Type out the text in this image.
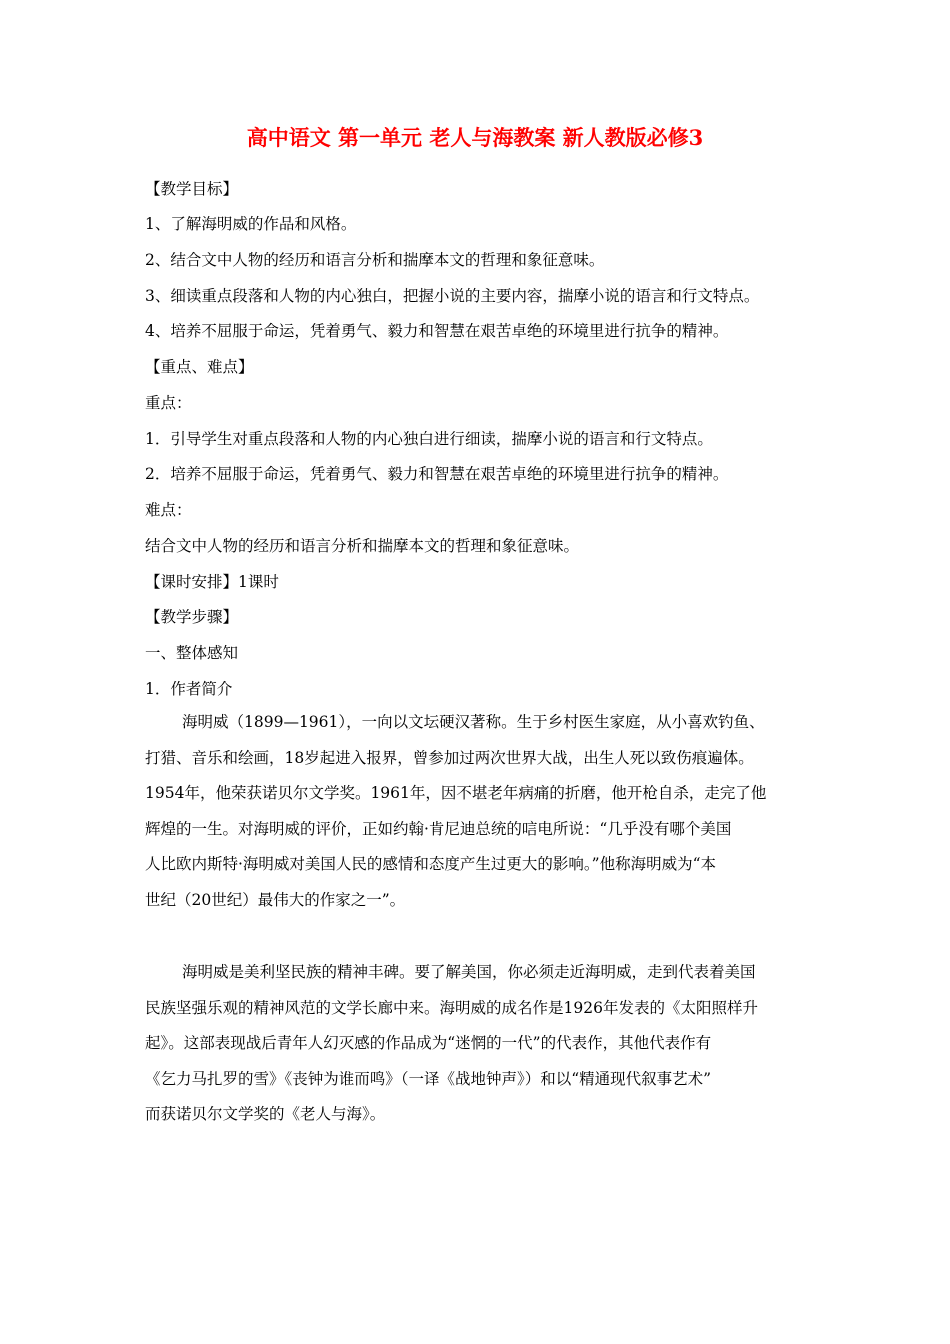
高中语文 第一单元 老人与海教案 新人教版必修3
【教学目标】
1、了解海明威的作品和风格。
2、结合文中人物的经历和语言分析和揣摩本文的哲理和象征意味。
3、细读重点段落和人物的内心独白，把握小说的主要内容，揣摩小说的语言和行文特点。
4、培养不屈服于命运，凭着勇气、毅力和智慧在艰苦卓绝的环境里进行抗争的精神。
【重点、难点】
重点：
1．引导学生对重点段落和人物的内心独白进行细读，揣摩小说的语言和行文特点。
2．培养不屈服于命运，凭着勇气、毅力和智慧在艰苦卓绝的环境里进行抗争的精神。
难点：
结合文中人物的经历和语言分析和揣摩本文的哲理和象征意味。
【课时安排】1课时
【教学步骤】
一、整体感知
1．作者简介
海明威（1899—1961），一向以文坛硬汉著称。生于乡村医生家庭，从小喜欢钓鱼、
打猎、音乐和绘画，18岁起进入报界，曾参加过两次世界大战，出生人死以致伤痕遍体。
1954年，他荣获诺贝尔文学奖。1961年，因不堪老年病痛的折磨，他开枪自杀，走完了他
辉煌的一生。对海明威的评价，正如约翰·肯尼迪总统的唁电所说：“几乎没有哪个美国
人比欧内斯特·海明威对美国人民的感情和态度产生过更大的影响。”他称海明威为“本
世纪（20世纪）最伟大的作家之一”。
海明威是美利坚民族的精神丰碑。要了解美国，你必须走近海明威，走到代表着美国
民族坚强乐观的精神风范的文学长廊中来。海明威的成名作是1926年发表的《太阳照样升
起》。这部表现战后青年人幻灭感的作品成为“迷惘的一代”的代表作，其他代表作有
《乞力马扎罗的雪》《丧钟为谁而鸣》（一译《战地钟声》）和以“精通现代叙事艺术”
而获诺贝尔文学奖的《老人与海》。
